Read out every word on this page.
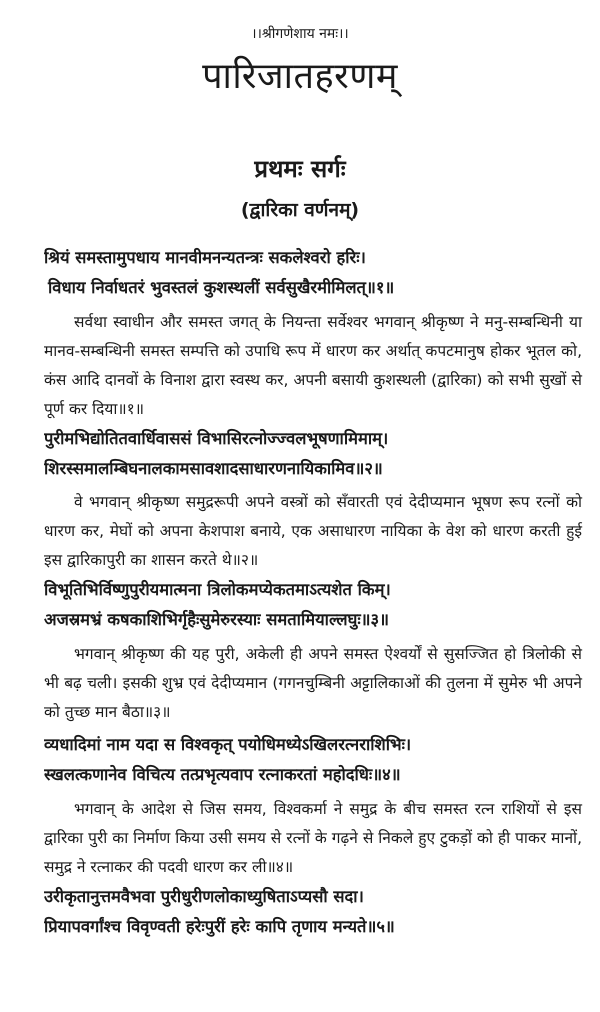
।।श्रीगणेशाय नमः।।
पारिजातहरणम्
प्रथमः सर्गः
(द्वारिका वर्णनम्)
श्रियं समस्तामुपधाय मानवीमनन्यतन्त्रः सकलेश्वरो हरिः।
विधाय निर्वाधतरं भुवस्तलं कुशस्थलीं सर्वसुखैरमीमिलत्॥१॥
सर्वथा स्वाधीन और समस्त जगत् के नियन्ता सर्वेश्वर भगवान् श्रीकृष्ण ने मनु-सम्बन्धिनी या मानव-सम्बन्धिनी समस्त सम्पत्ति को उपाधि रूप में धारण कर अर्थात् कपटमानुष होकर भूतल को, कंस आदि दानवों के विनाश द्वारा स्वस्थ कर, अपनी बसायी कुशस्थली (द्वारिका) को सभी सुखों से पूर्ण कर दिया॥१॥
पुरीमभिद्योतितवार्धिवाससं विभासिरत्नोज्ज्वलभूषणामिमाम्।
शिरस्समालम्बिघनालकामसावशादसाधारणनायिकामिव॥२॥
वे भगवान् श्रीकृष्ण समुद्ररूपी अपने वस्त्रों को सँवारती एवं देदीप्यमान भूषण रूप रत्नों को धारण कर, मेघों को अपना केशपाश बनाये, एक असाधारण नायिका के वेश को धारण करती हुई इस द्वारिकापुरी का शासन करते थे॥२॥
विभूतिभिर्विष्णुपुरीयमात्मना त्रिलोकमप्येकतमाऽत्यशेत किम्।
अजस्रमभ्रं कषकाशिभिर्गृहैःसुमेरुरस्याः समतामियाल्लघुः॥३॥
भगवान् श्रीकृष्ण की यह पुरी, अकेली ही अपने समस्त ऐश्वर्यों से सुसज्जित हो त्रिलोकी से भी बढ़ चली। इसकी शुभ्र एवं देदीप्यमान (गगनचुम्बिनी अट्टालिकाओं की तुलना में सुमेरु भी अपने को तुच्छ मान बैठा॥३॥
व्यधादिमां नाम यदा स विश्वकृत् पयोधिमध्येऽखिलरत्नराशिभिः।
स्खलत्कणानेव विचित्य तत्प्रभृत्यवाप रत्नाकरतां महोदधिः॥४॥
भगवान् के आदेश से जिस समय, विश्वकर्मा ने समुद्र के बीच समस्त रत्न राशियों से इस द्वारिका पुरी का निर्माण किया उसी समय से रत्नों के गढ़ने से निकले हुए टुकड़ों को ही पाकर मानों, समुद्र ने रत्नाकर की पदवी धारण कर ली॥४॥
उरीकृतानुत्तमवैभवा पुरीधुरीणलोकाध्युषिताऽप्यसौ सदा।
प्रियापवर्गांश्च विवृण्वती हरेःपुरीं हरेः कापि तृणाय मन्यते॥५॥
